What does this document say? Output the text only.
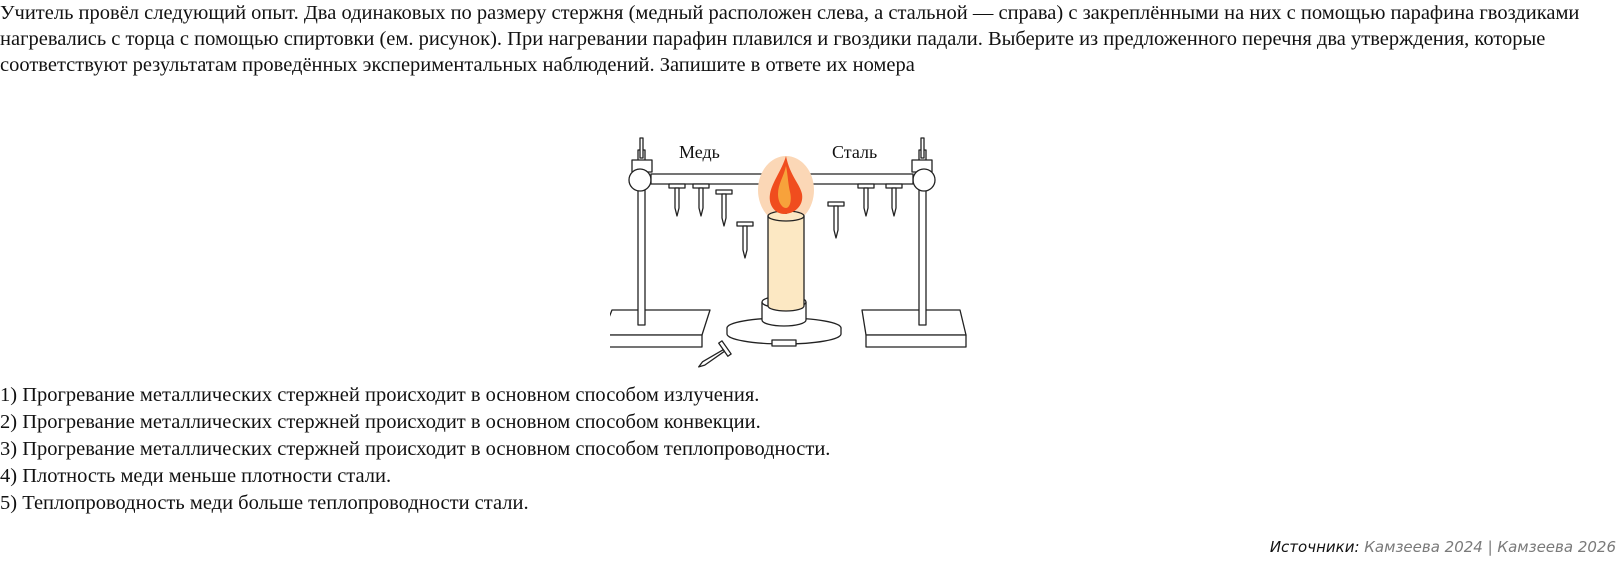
Учитель провёл следующий опыт. Два одинаковых по размеру стержня (медный расположен слева, а стальной — справа) с закреплёнными на них с помощью парафина гвоздиками нагревались с торца с помощью спиртовки (ем. рисунок). При нагревании парафин плавился и гвоздики падали. Выберите из предложенного перечня два утверждения, которые соответствуют результатам проведённых экспериментальных наблюдений. Запишите в ответе их номера

Медь	Сталь
1) Прогревание металлических стержней происходит в основном способом излучения.
2) Прогревание металлических стержней происходит в основном способом конвекции.
3) Прогревание металлических стержней происходит в основном способом теплопроводности.
4) Плотность меди меньше плотности стали.
5) Теплопроводность меди больше теплопроводности стали.
Источники: Камзеева 2024 | Камзеева 2026
